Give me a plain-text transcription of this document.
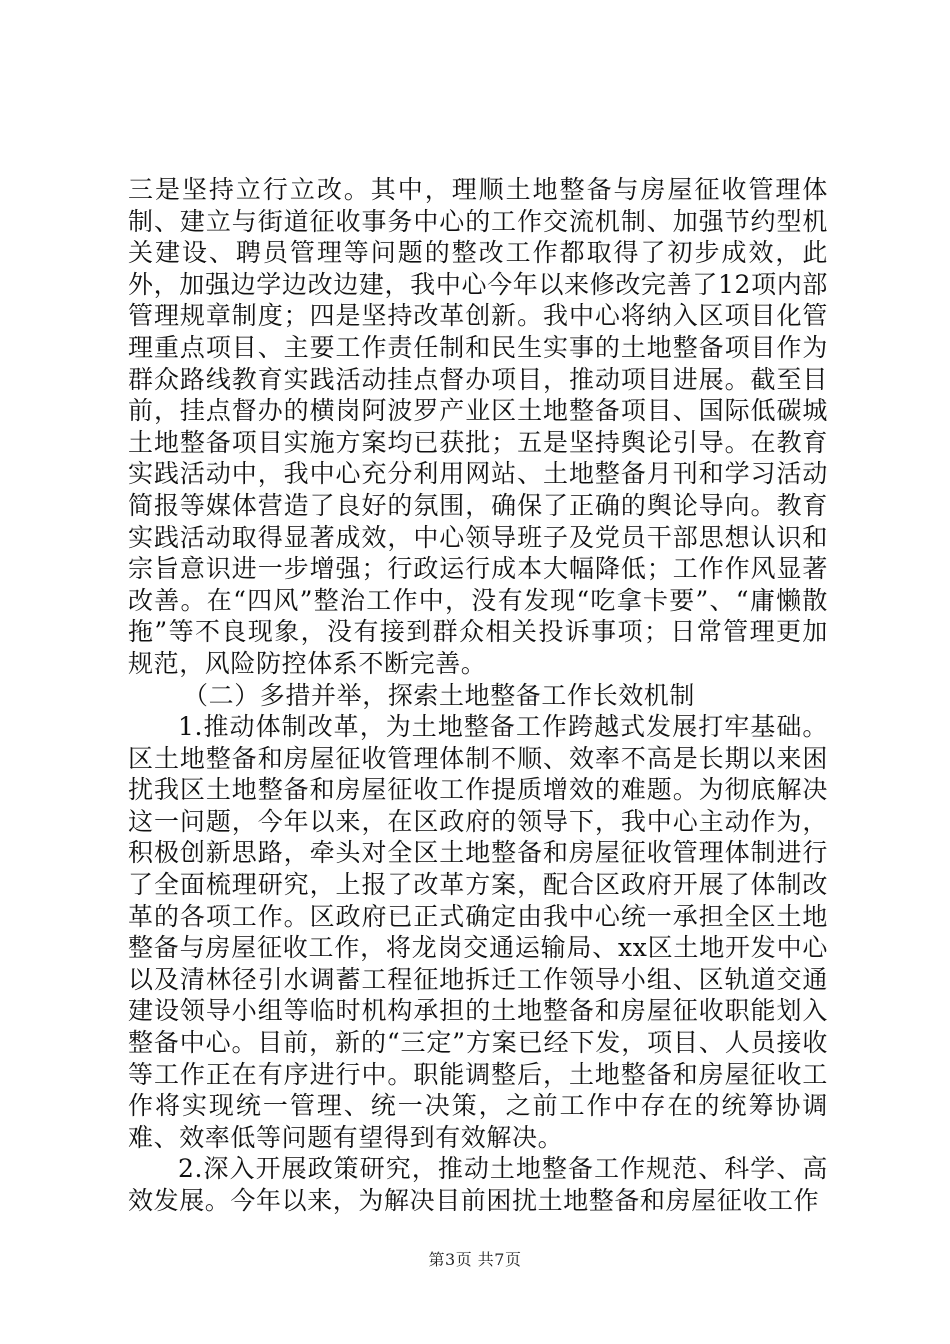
三是坚持立行立改。其中，理顺土地整备与房屋征收管理体制、建立与街道征收事务中心的工作交流机制、加强节约型机关建设、聘员管理等问题的整改工作都取得了初步成效，此外，加强边学边改边建，我中心今年以来修改完善了12项内部管理规章制度；四是坚持改革创新。我中心将纳入区项目化管理重点项目、主要工作责任制和民生实事的土地整备项目作为群众路线教育实践活动挂点督办项目，推动项目进展。截至目前，挂点督办的横岗阿波罗产业区土地整备项目、国际低碳城土地整备项目实施方案均已获批；五是坚持舆论引导。在教育实践活动中，我中心充分利用网站、土地整备月刊和学习活动简报等媒体营造了良好的氛围，确保了正确的舆论导向。教育实践活动取得显著成效，中心领导班子及党员干部思想认识和宗旨意识进一步增强；行政运行成本大幅降低；工作作风显著改善。在“四风”整治工作中，没有发现“吃拿卡要”、“庸懒散拖”等不良现象，没有接到群众相关投诉事项；日常管理更加规范，风险防控体系不断完善。

（二）多措并举，探索土地整备工作长效机制

1.推动体制改革，为土地整备工作跨越式发展打牢基础。区土地整备和房屋征收管理体制不顺、效率不高是长期以来困扰我区土地整备和房屋征收工作提质增效的难题。为彻底解决这一问题，今年以来，在区政府的领导下，我中心主动作为，积极创新思路，牵头对全区土地整备和房屋征收管理体制进行了全面梳理研究，上报了改革方案，配合区政府开展了体制改革的各项工作。区政府已正式确定由我中心统一承担全区土地整备与房屋征收工作，将龙岗交通运输局、xx区土地开发中心以及清林径引水调蓄工程征地拆迁工作领导小组、区轨道交通建设领导小组等临时机构承担的土地整备和房屋征收职能划入整备中心。目前，新的“三定”方案已经下发，项目、人员接收等工作正在有序进行中。职能调整后，土地整备和房屋征收工作将实现统一管理、统一决策，之前工作中存在的统筹协调难、效率低等问题有望得到有效解决。

2.深入开展政策研究，推动土地整备工作规范、科学、高效发展。今年以来，为解决目前困扰土地整备和房屋征收工作

第3页 共7页
